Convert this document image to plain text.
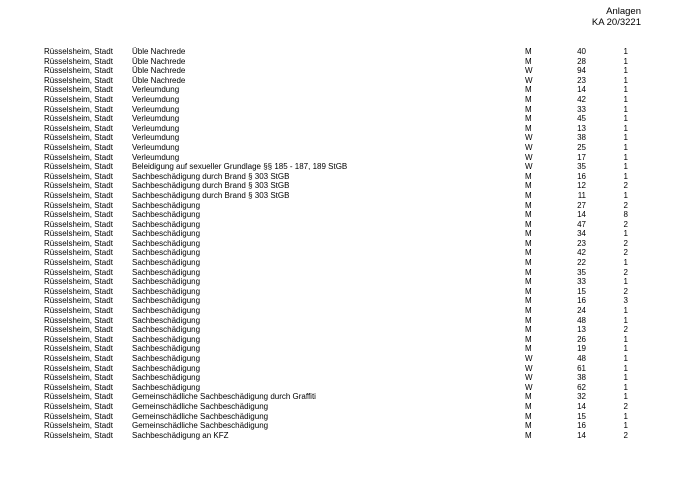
Anlagen
KA 20/3221
Rüsselsheim, Stadt Üble Nachrede	M	40	1
Rüsselsheim, Stadt Üble Nachrede	M	28	1
Rüsselsheim, Stadt Üble Nachrede	W	94	1
Rüsselsheim, Stadt Üble Nachrede	W	23	1
Rüsselsheim, Stadt Verleumdung	M	14	1
Rüsselsheim, Stadt Verleumdung	M	42	1
Rüsselsheim, Stadt Verleumdung	M	33	1
Rüsselsheim, Stadt Verleumdung	M	45	1
Rüsselsheim, Stadt Verleumdung	M	13	1
Rüsselsheim, Stadt Verleumdung	W	38	1
Rüsselsheim, Stadt Verleumdung	W	25	1
Rüsselsheim, Stadt Verleumdung	W	17	1
Rüsselsheim, Stadt Beleidigung auf sexueller Grundlage §§ 185 - 187, 189 StGB	W	35	1
Rüsselsheim, Stadt Sachbeschädigung durch Brand § 303 StGB	M	16	1
Rüsselsheim, Stadt Sachbeschädigung durch Brand § 303 StGB	M	12	2
Rüsselsheim, Stadt Sachbeschädigung durch Brand § 303 StGB	M	11	1
Rüsselsheim, Stadt Sachbeschädigung	M	27	2
Rüsselsheim, Stadt Sachbeschädigung	M	14	8
Rüsselsheim, Stadt Sachbeschädigung	M	47	2
Rüsselsheim, Stadt Sachbeschädigung	M	34	1
Rüsselsheim, Stadt Sachbeschädigung	M	23	2
Rüsselsheim, Stadt Sachbeschädigung	M	42	2
Rüsselsheim, Stadt Sachbeschädigung	M	22	1
Rüsselsheim, Stadt Sachbeschädigung	M	35	2
Rüsselsheim, Stadt Sachbeschädigung	M	33	1
Rüsselsheim, Stadt Sachbeschädigung	M	15	2
Rüsselsheim, Stadt Sachbeschädigung	M	16	3
Rüsselsheim, Stadt Sachbeschädigung	M	24	1
Rüsselsheim, Stadt Sachbeschädigung	M	48	1
Rüsselsheim, Stadt Sachbeschädigung	M	13	2
Rüsselsheim, Stadt Sachbeschädigung	M	26	1
Rüsselsheim, Stadt Sachbeschädigung	M	19	1
Rüsselsheim, Stadt Sachbeschädigung	W	48	1
Rüsselsheim, Stadt Sachbeschädigung	W	61	1
Rüsselsheim, Stadt Sachbeschädigung	W	38	1
Rüsselsheim, Stadt Sachbeschädigung	W	62	1
Rüsselsheim, Stadt Gemeinschädliche Sachbeschädigung durch Graffiti	M	32	1
Rüsselsheim, Stadt Gemeinschädliche Sachbeschädigung	M	14	2
Rüsselsheim, Stadt Gemeinschädliche Sachbeschädigung	M	15	1
Rüsselsheim, Stadt Gemeinschädliche Sachbeschädigung	M	16	1
Rüsselsheim, Stadt Sachbeschädigung an KFZ	M	14	2
